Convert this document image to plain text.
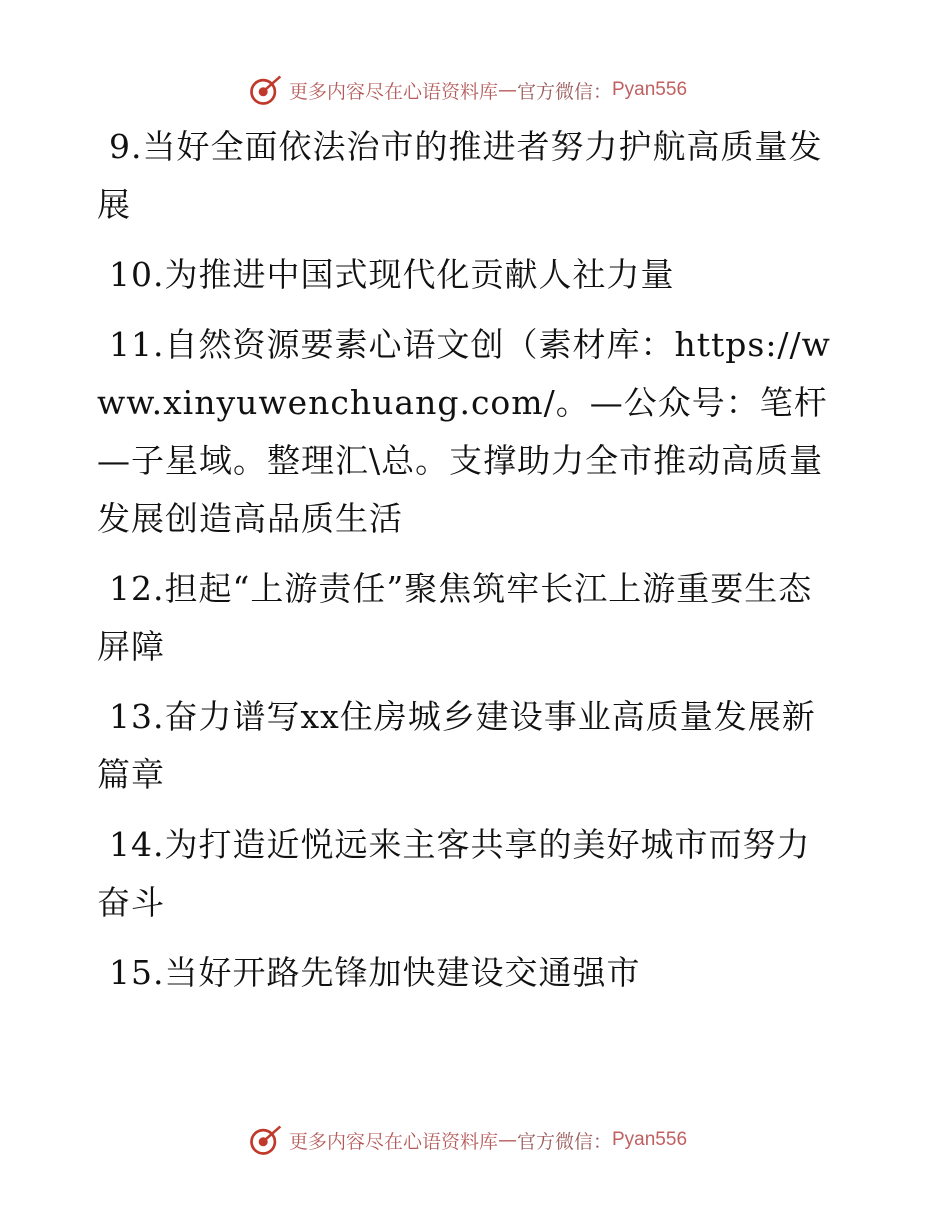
更多内容尽在心语资料库 — 官方微信： Pyan556

9.当好全面依法治市的推进者努力护航高质量发展

10.为推进中国式现代化贡献人社力量

11.自然资源要素心语文创（素材库：https://www.xinyuwenchuang.com/。—公众号：笔杆—子星域。整理汇\总。支撑助力全市推动高质量发展创造高品质生活

12.担起“上游责任”聚焦筑牢长江上游重要生态屏障

13.奋力谱写xx住房城乡建设事业高质量发展新篇章

14.为打造近悦远来主客共享的美好城市而努力奋斗

15.当好开路先锋加快建设交通强市

更多内容尽在心语资料库 — 官方微信： Pyan556
